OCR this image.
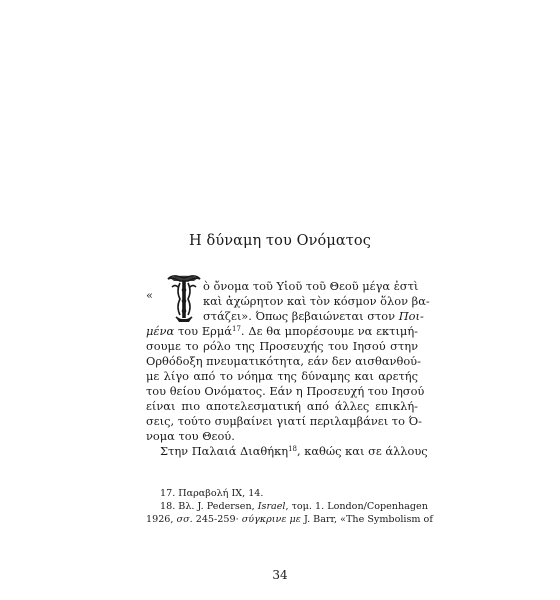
Η δύναμη του Ονόματος
«
ὸ ὄνομα τοῦ Υἱοῦ τοῦ Θεοῦ μέγα ἐστὶ
καὶ ἀχώρητον καὶ τὸν κόσμον ὅλον βα-
στάζει». Όπως βεβαιώνεται στον Ποι-
μένα του Ερμά$^{17}$. Δε θα μπορέσουμε να εκτιμή-
σουμε το ρόλο της Προσευχής του Ιησού στην
Ορθόδοξη πνευματικότητα, εάν δεν αισθανθού-
με λίγο από το νόημα της δύναμης και αρετής
του θείου Ονόματος. Εάν η Προσευχή του Ιησού
είναι πιο αποτελεσματική από άλλες επικλή-
σεις, τούτο συμβαίνει γιατί περιλαμβάνει το Ό-
νομα του Θεού.
Στην Παλαιά Διαθήκη$^{18}$, καθώς και σε άλλους
17. Παραβολή IX, 14.
18. Βλ. J. Pedersen, Israel, τομ. 1. London/Copenhagen
1926, σσ. 245-259· σύγκρινε με J. Barr, «The Symbolism of
34
